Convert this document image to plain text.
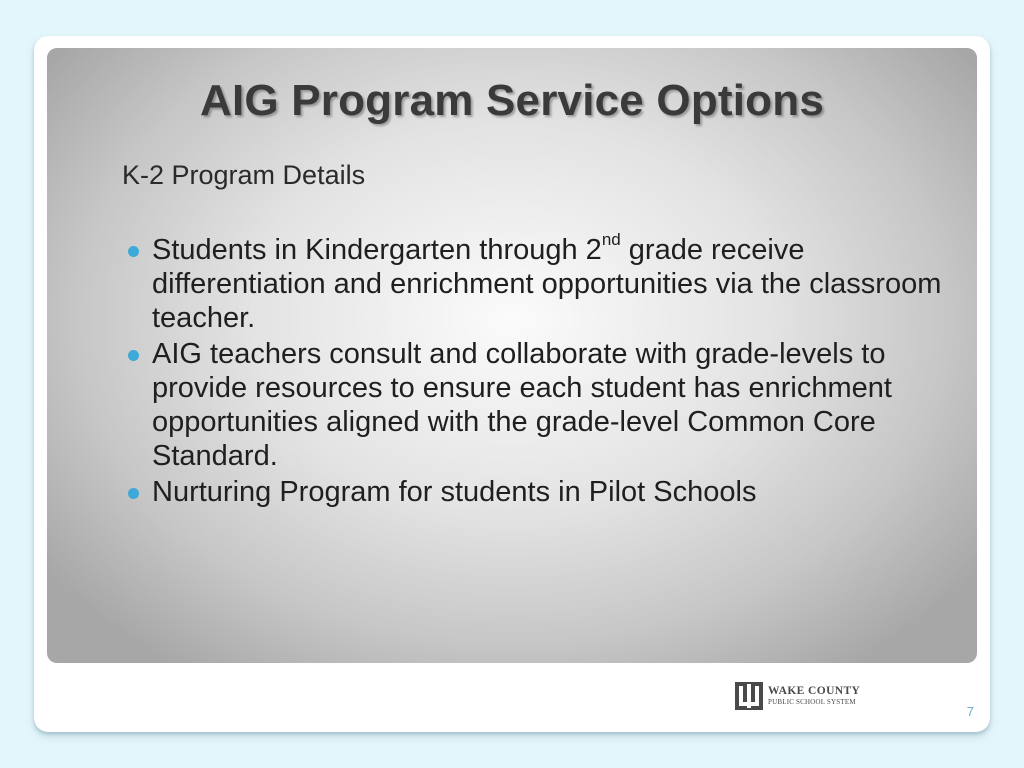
AIG Program Service Options

K-2 Program Details

Students in Kindergarten through 2nd grade receive differentiation and enrichment opportunities via the classroom teacher.
AIG teachers consult and collaborate with grade-levels to provide resources to ensure each student has enrichment opportunities aligned with the grade-level Common Core Standard.
Nurturing Program for students in Pilot Schools
WAKE COUNTY
PUBLIC SCHOOL SYSTEM
7
